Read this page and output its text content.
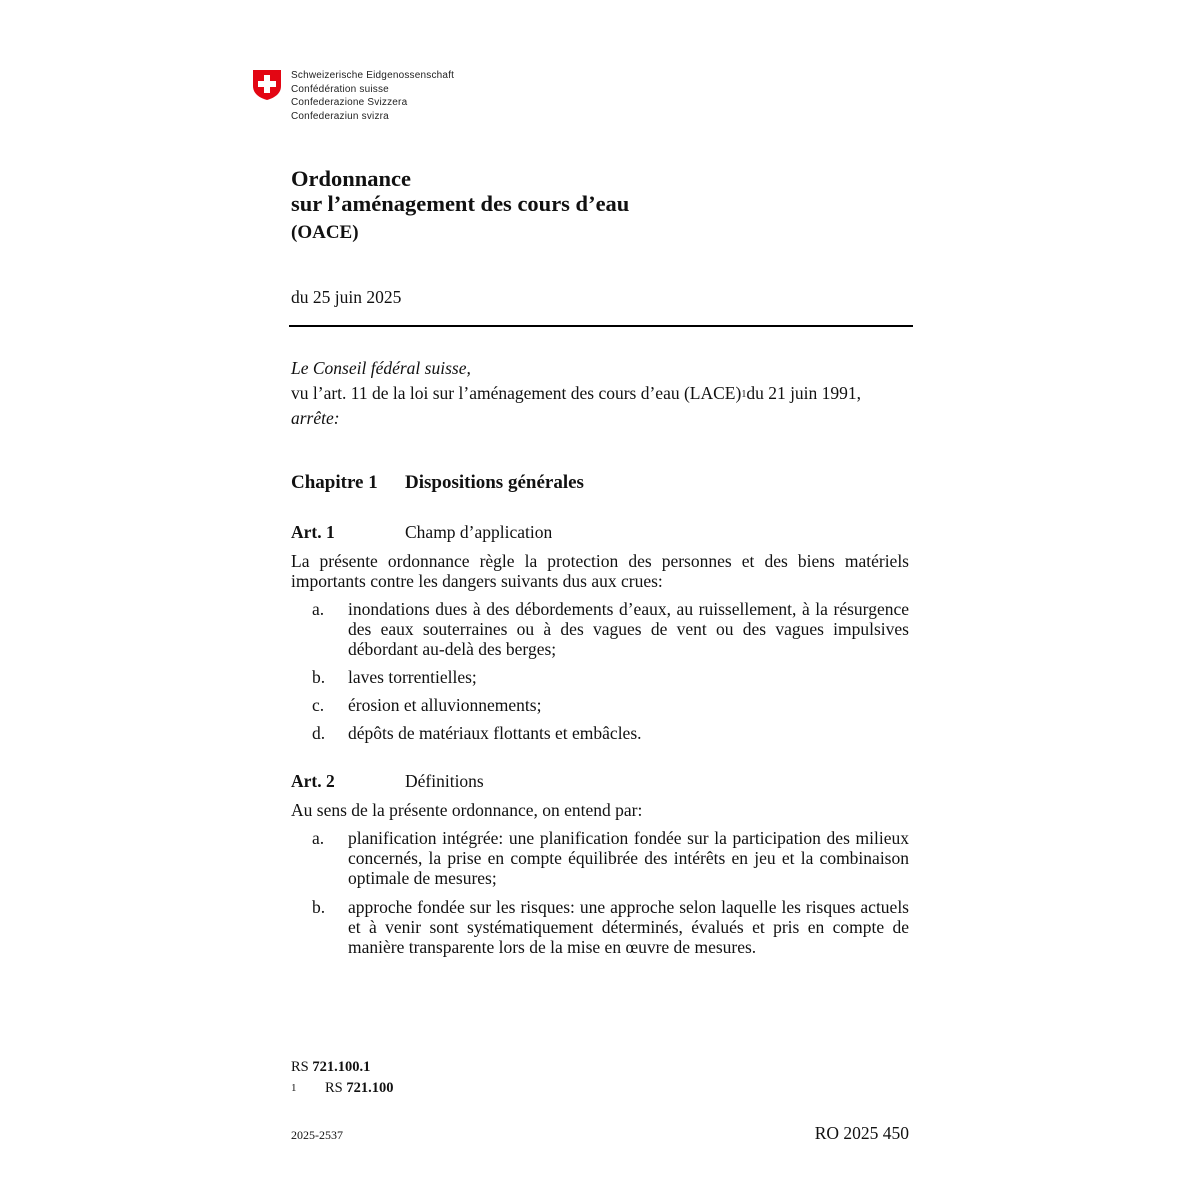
Schweizerische Eidgenossenschaft
Confédération suisse
Confederazione Svizzera
Confederaziun svizra
Ordonnance
sur l’aménagement des cours d’eau
(OACE)
du 25 juin 2025
Le Conseil fédéral suisse,
vu l’art. 11 de la loi sur l’aménagement des cours d’eau (LACE)$^1$du 21 juin 1991,
arrête:
Chapitre 1 Dispositions générales
Art. 1	Champ d’application
La présente ordonnance règle la protection des personnes et des biens matériels importants contre les dangers suivants dus aux crues:
a. inondations dues à des débordements d’eaux, au ruissellement, à la résurgence des eaux souterraines ou à des vagues de vent ou des vagues impulsives débordant au-delà des berges;
b. laves torrentielles;
c. érosion et alluvionnements;
d. dépôts de matériaux flottants et embâcles.
Art. 2	Définitions
Au sens de la présente ordonnance, on entend par:
a. planification intégrée: une planification fondée sur la participation des milieux concernés, la prise en compte équilibrée des intérêts en jeu et la combinaison optimale de mesures;
b. approche fondée sur les risques: une approche selon laquelle les risques actuels et à venir sont systématiquement déterminés, évalués et pris en compte de manière transparente lors de la mise en œuvre de mesures.
RS 721.100.1
1 RS 721.100
2025-2537	RO 2025 450
